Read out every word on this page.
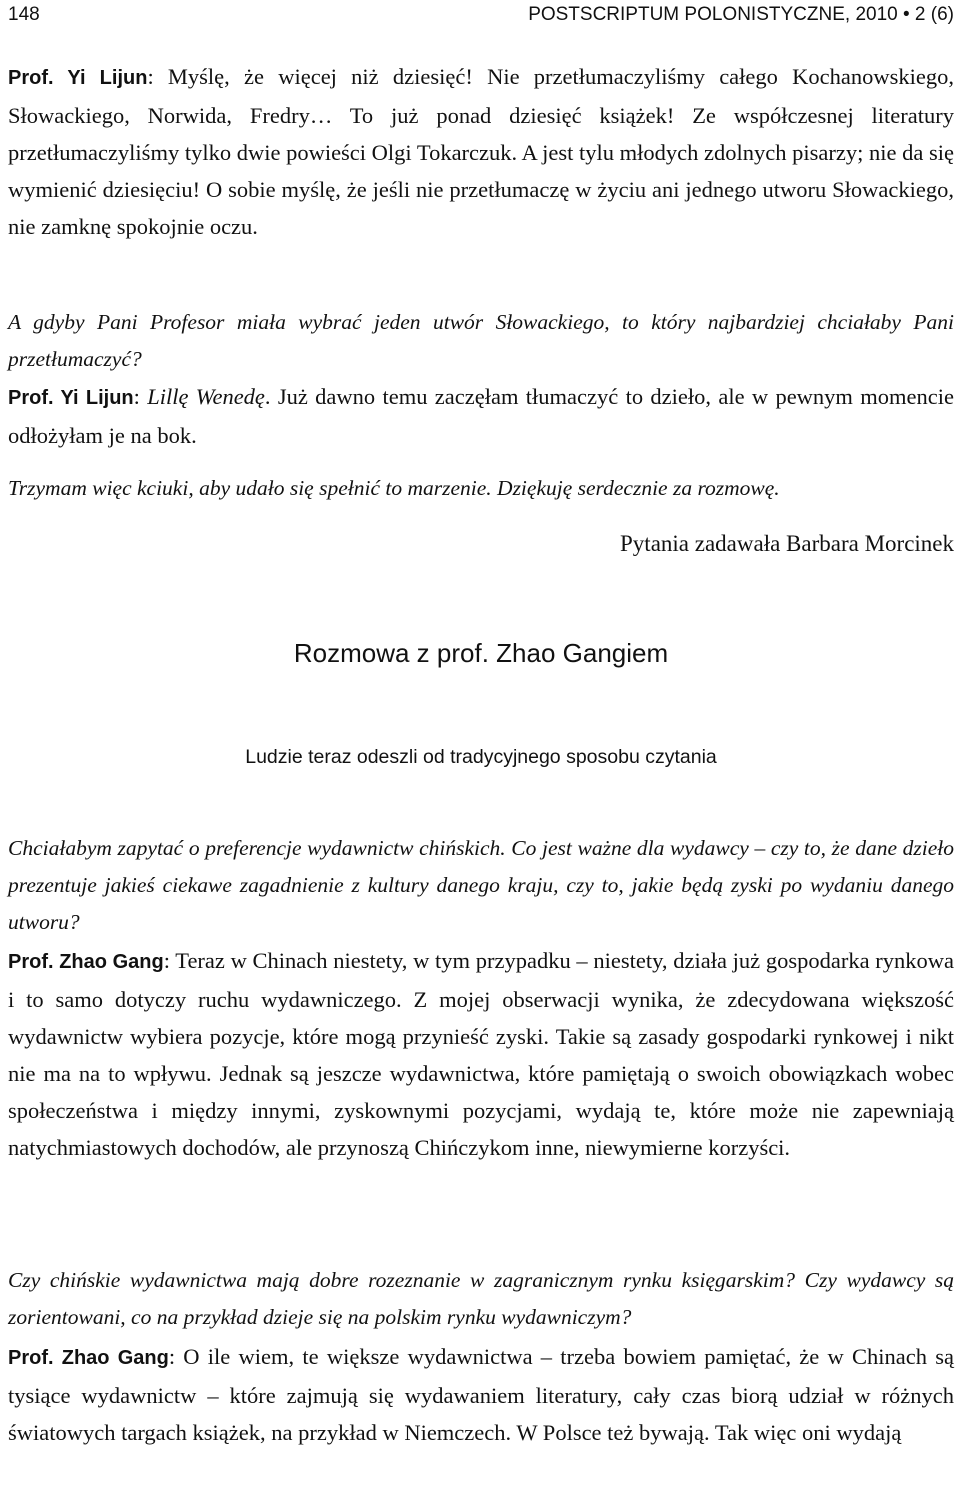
148	POSTSCRIPTUM POLONISTYCZNE, 2010 • 2 (6)

Prof. Yi Lijun: Myślę, że więcej niż dziesięć! Nie przetłumaczyliśmy całego Kochanowskiego, Słowackiego, Norwida, Fredry… To już ponad dziesięć książek! Ze współczesnej literatury przetłumaczyliśmy tylko dwie powieści Olgi Tokarczuk. A jest tylu młodych zdolnych pisarzy; nie da się wymienić dziesięciu! O sobie myślę, że jeśli nie przetłumaczę w życiu ani jednego utworu Słowackiego, nie zamknę spokojnie oczu.

A gdyby Pani Profesor miała wybrać jeden utwór Słowackiego, to który najbardziej chciałaby Pani przetłumaczyć?

Prof. Yi Lijun: Lillę Wenedę. Już dawno temu zaczęłam tłumaczyć to dzieło, ale w pewnym momencie odłożyłam je na bok.

Trzymam więc kciuki, aby udało się spełnić to marzenie. Dziękuję serdecznie za rozmowę.

Pytania zadawała Barbara Morcinek
Rozmowa z prof. Zhao Gangiem
Ludzie teraz odeszli od tradycyjnego sposobu czytania

Chciałabym zapytać o preferencje wydawnictw chińskich. Co jest ważne dla wydawcy – czy to, że dane dzieło prezentuje jakieś ciekawe zagadnienie z kultury danego kraju, czy to, jakie będą zyski po wydaniu danego utworu?

Prof. Zhao Gang: Teraz w Chinach niestety, w tym przypadku – niestety, działa już gospodarka rynkowa i to samo dotyczy ruchu wydawniczego. Z mojej obserwacji wynika, że zdecydowana większość wydawnictw wybiera pozycje, które mogą przynieść zyski. Takie są zasady gospodarki rynkowej i nikt nie ma na to wpływu. Jednak są jeszcze wydawnictwa, które pamiętają o swoich obowiązkach wobec społeczeństwa i między innymi, zyskownymi pozycjami, wydają te, które może nie zapewniają natychmiastowych dochodów, ale przynoszą Chińczykom inne, niewymierne korzyści.

Czy chińskie wydawnictwa mają dobre rozeznanie w zagranicznym rynku księgarskim? Czy wydawcy są zorientowani, co na przykład dzieje się na polskim rynku wydawniczym?

Prof. Zhao Gang: O ile wiem, te większe wydawnictwa – trzeba bowiem pamiętać, że w Chinach są tysiące wydawnictw – które zajmują się wydawaniem literatury, cały czas biorą udział w różnych światowych targach książek, na przykład w Niemczech. W Polsce też bywają. Tak więc oni wydają
